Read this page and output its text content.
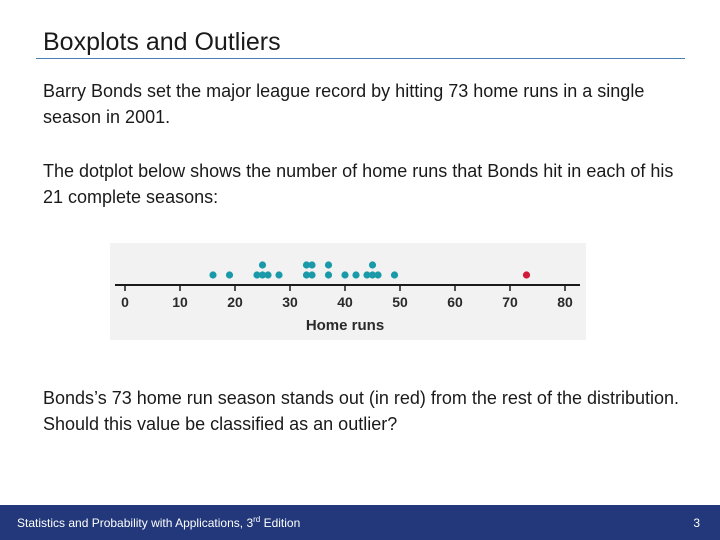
Boxplots and Outliers
Barry Bonds set the major league record by hitting 73 home runs in a single season in 2001.
The dotplot below shows the number of home runs that Bonds hit in each of his 21 complete seasons:
0	10	20	30	40	50	60	70	80
Home runs
Bonds’s 73 home run season stands out (in red) from the rest of the distribution. Should this value be classified as an outlier?
Statistics and Probability with Applications, 3rd Edition	3
